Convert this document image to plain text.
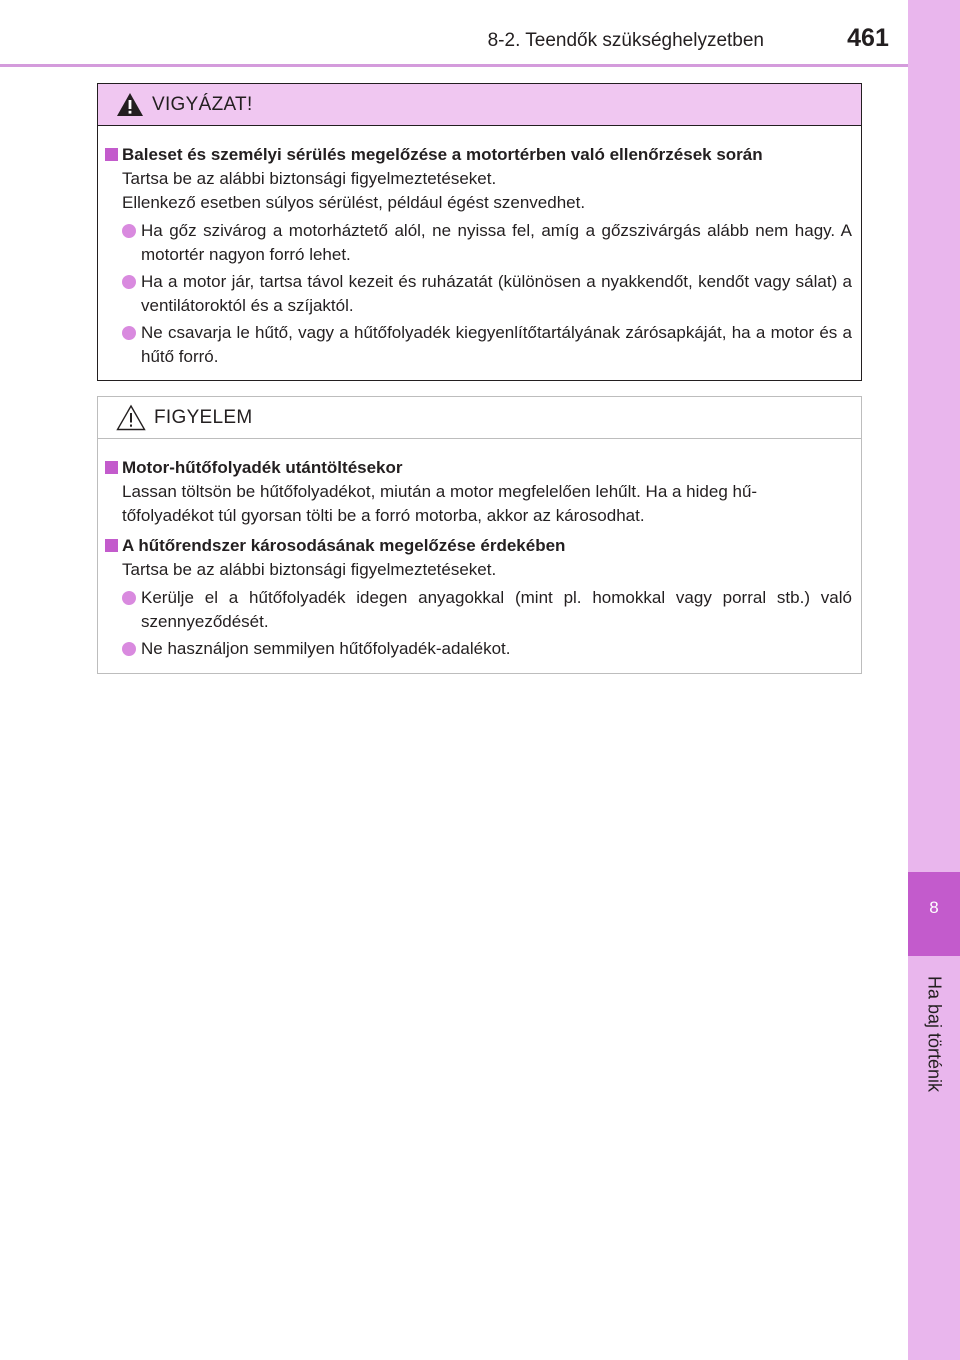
8-2. Teendők szükséghelyzetben	461
8
Ha baj történik
VIGYÁZAT!
Baleset és személyi sérülés megelőzése a motortérben való ellenőrzések során
Tartsa be az alábbi biztonsági figyelmeztetéseket.
Ellenkező esetben súlyos sérülést, például égést szenvedhet.
Ha gőz szivárog a motorháztető alól, ne nyissa fel, amíg a gőzszivárgás alább nem hagy. A motortér nagyon forró lehet.
Ha a motor jár, tartsa távol kezeit és ruházatát (különösen a nyakkendőt, kendőt vagy sálat) a ventilátoroktól és a szíjaktól.
Ne csavarja le hűtő, vagy a hűtőfolyadék kiegyenlítőtartályának zárósapkáját, ha a motor és a hűtő forró.
FIGYELEM
Motor-hűtőfolyadék utántöltésekor
Lassan töltsön be hűtőfolyadékot, miután a motor megfelelően lehűlt. Ha a hideg hű-
tőfolyadékot túl gyorsan tölti be a forró motorba, akkor az károsodhat.
A hűtőrendszer károsodásának megelőzése érdekében
Tartsa be az alábbi biztonsági figyelmeztetéseket.
Kerülje el a hűtőfolyadék idegen anyagokkal (mint pl. homokkal vagy porral stb.) való szennyeződését.
Ne használjon semmilyen hűtőfolyadék-adalékot.
